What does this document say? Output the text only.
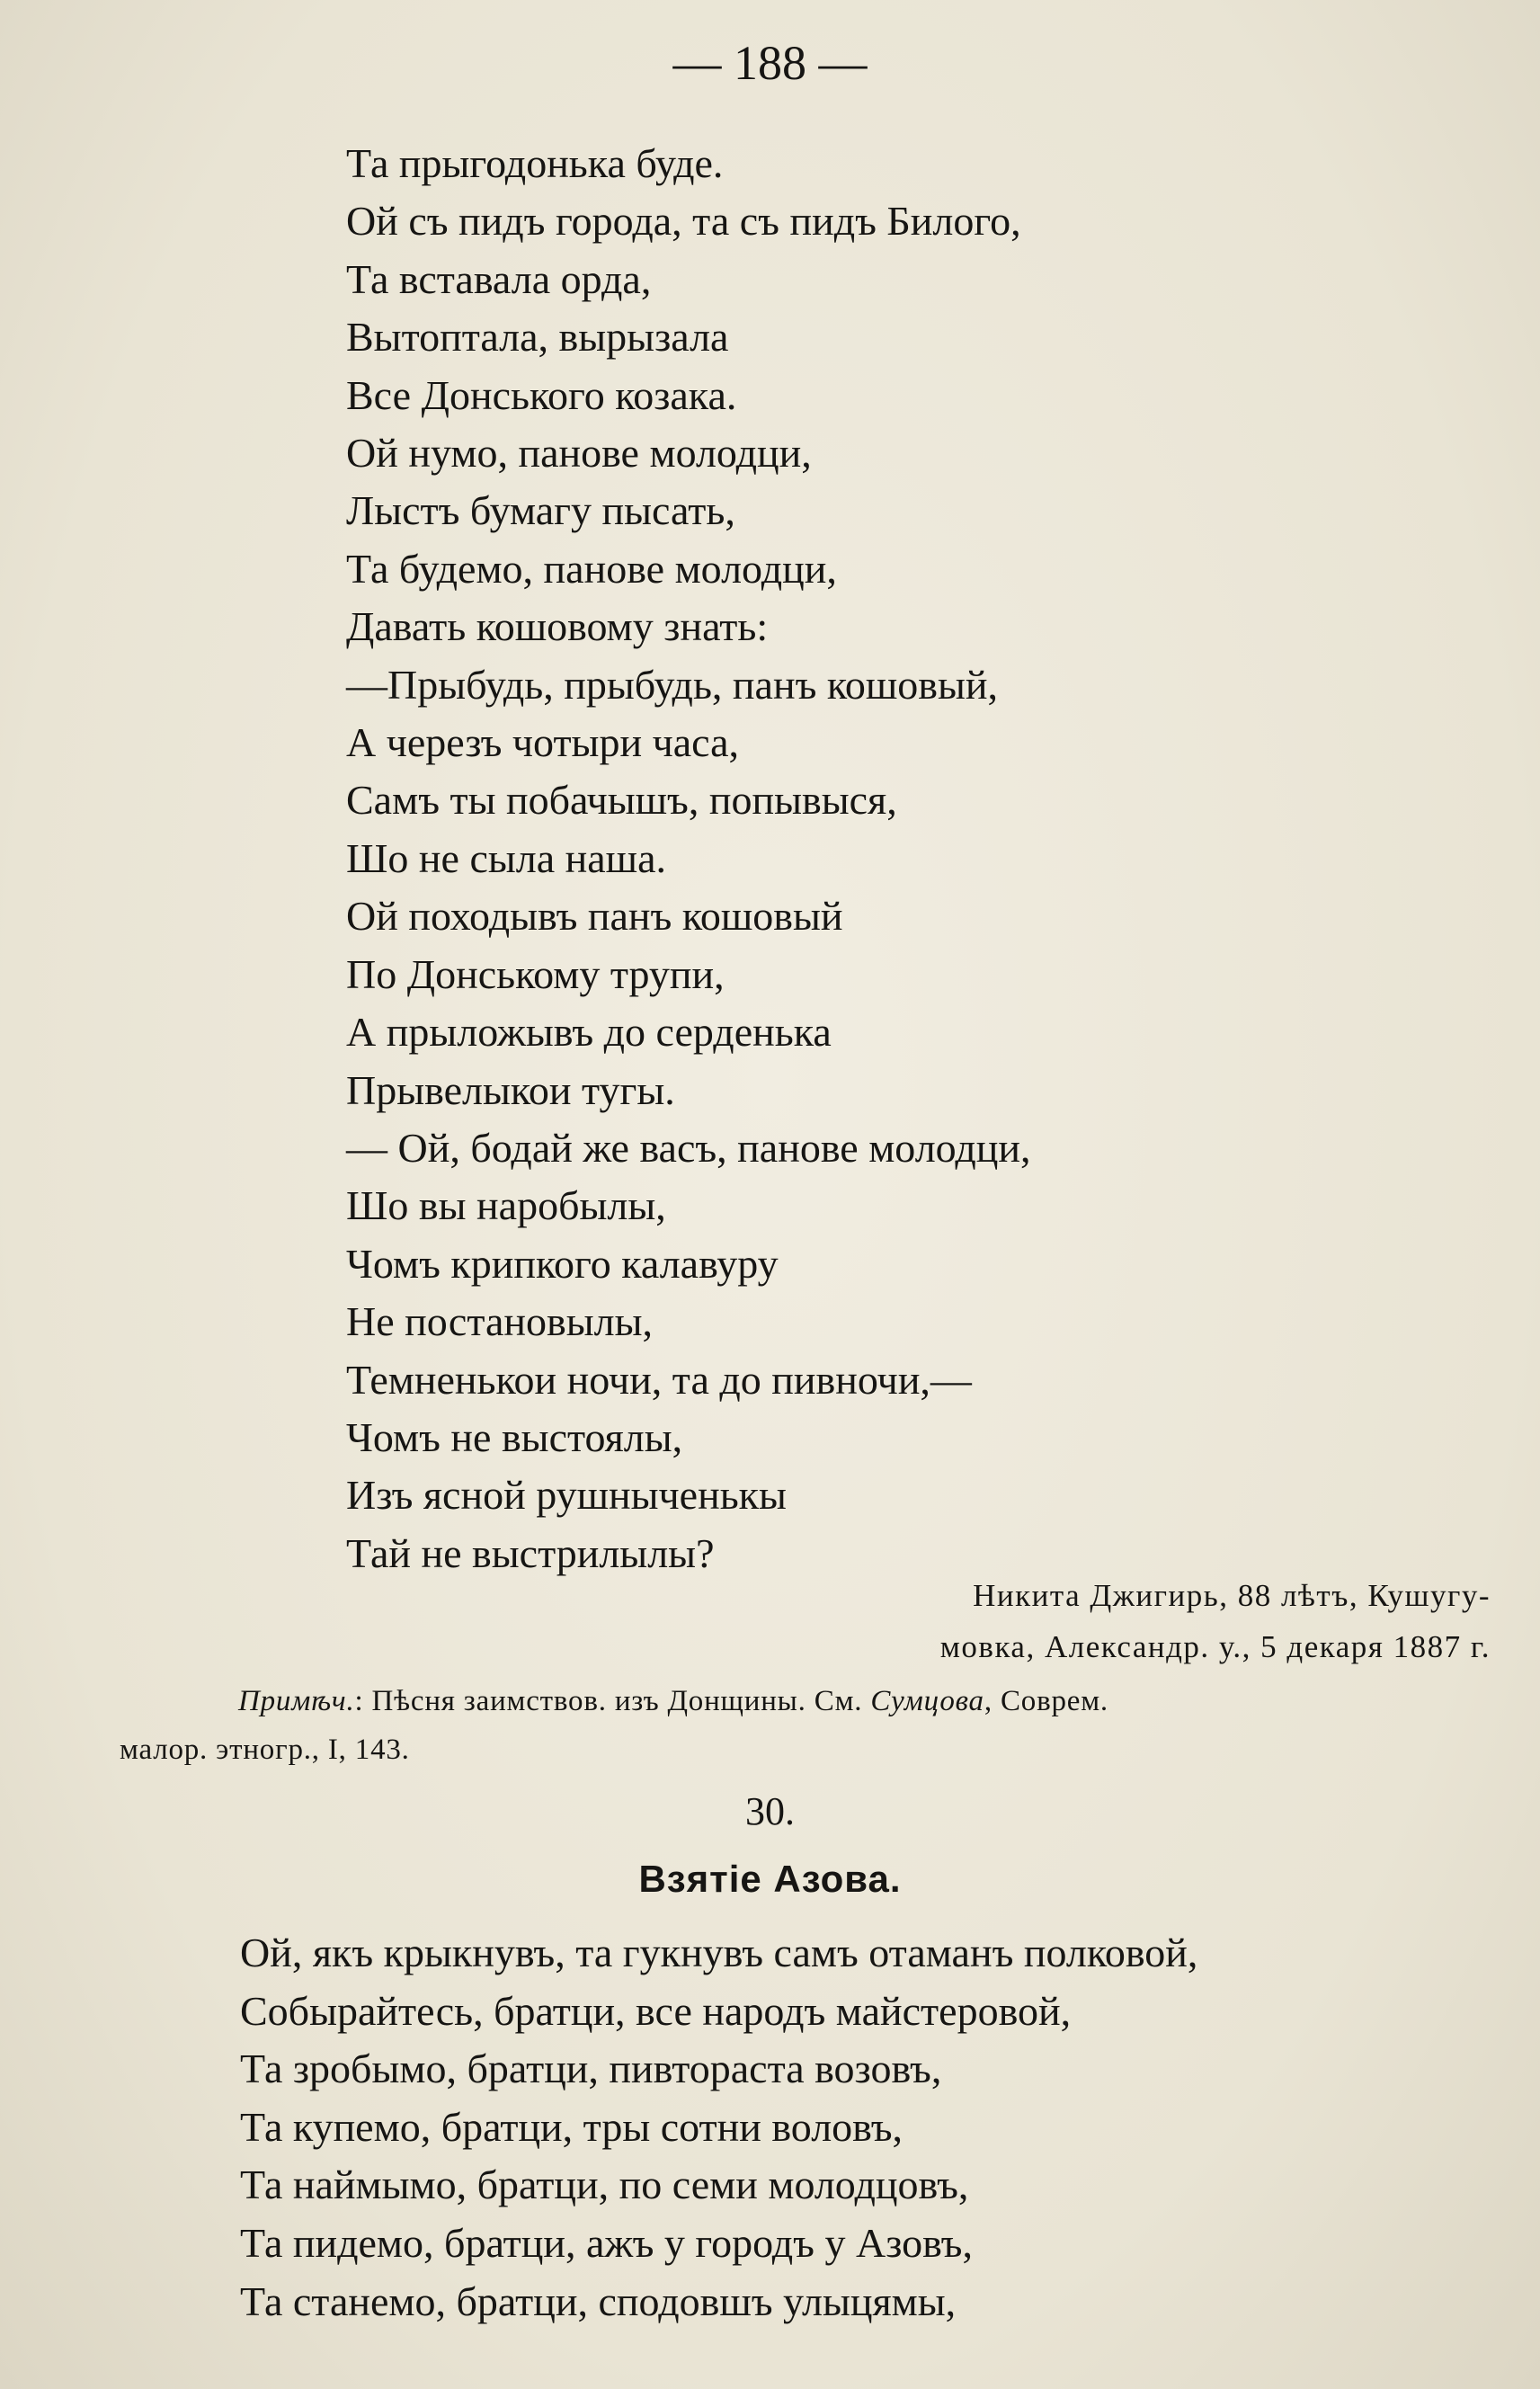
— 188 —
Та прыгодонька буде.
Ой съ пидъ города, та съ пидъ Билого,
Та вставала орда,
Вытоптала, вырызала
Все Донського козака.
Ой нумо, панове молодци,
Лыстъ бумагу пысать,
Та будемо, панове молодци,
Давать кошовому знать:
—Прыбудь, прыбудь, панъ кошовый,
А черезъ чотыри часа,
Самъ ты побачышъ, попывыся,
Шо не сыла наша.
Ой походывъ панъ кошовый
По Донському трупи,
А прыложывъ до серденька
Прывелыкои тугы.
— Ой, бодай же васъ, панове молодци,
Шо вы наробылы,
Чомъ крипкого калавуру
Не постановылы,
Темненькои ночи, та до пивночи,—
Чомъ не выстоялы,
Изъ ясной рушныченькы
Тай не выстрилылы?
Никита Джигирь, 88 лѣтъ, Кушугу-
мовка, Александр. у., 5 декаря 1887 г.
Примѣч.: Пѣсня заимствов. изъ Донщины. См. Сумцова, Соврем.
малор. этногр., I, 143.
30.
Взятіе Азова.
Ой, якъ крыкнувъ, та гукнувъ самъ отаманъ полковой,
Собырайтесь, братци, все народъ майстеровой,
Та зробымо, братци, пивтораста возовъ,
Та купемо, братци, тры сотни воловъ,
Та наймымо, братци, по семи молодцовъ,
Та пидемо, братци, ажъ у городъ у Азовъ,
Та станемо, братци, сподовшъ улыцямы,
